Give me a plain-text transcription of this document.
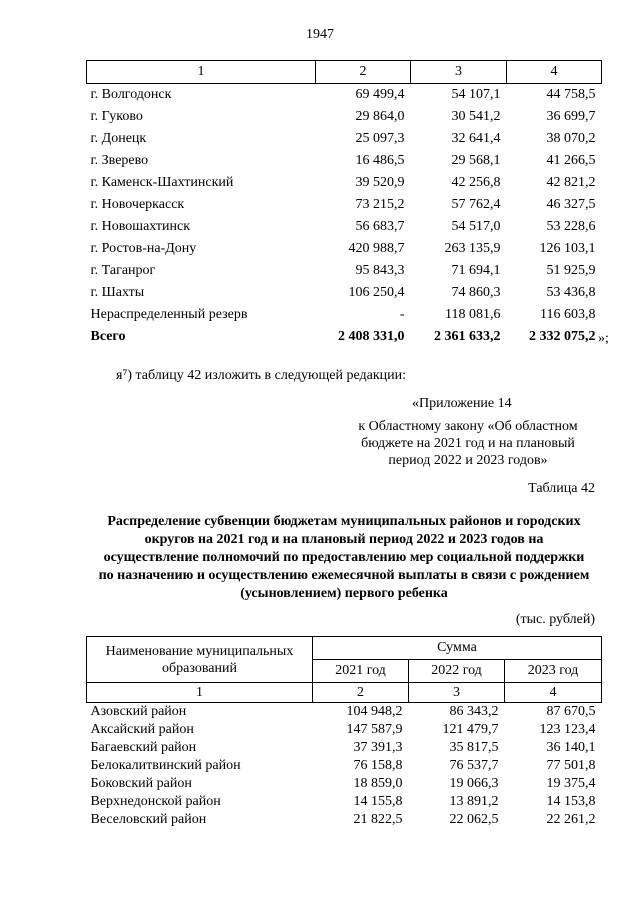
1947
1	2	3	4
г. Волгодонск	69 499,4	54 107,1	44 758,5
г. Гуково	29 864,0	30 541,2	36 699,7
г. Донецк	25 097,3	32 641,4	38 070,2
г. Зверево	16 486,5	29 568,1	41 266,5
г. Каменск-Шахтинский	39 520,9	42 256,8	42 821,2
г. Новочеркасск	73 215,2	57 762,4	46 327,5
г. Новошахтинск	56 683,7	54 517,0	53 228,6
г. Ростов-на-Дону	420 988,7	263 135,9	126 103,1
г. Таганрог	95 843,3	71 694,1	51 925,9
г. Шахты	106 250,4	74 860,3	53 436,8
Нераспределенный резерв	-	118 081,6	116 603,8
Всего	2 408 331,0	2 361 633,2	2 332 075,2 »;
я⁷) таблицу 42 изложить в следующей редакции:
«Приложение 14
к Областному закону «Об областном бюджете на 2021 год и на плановый период 2022 и 2023 годов»
Таблица 42
Распределение субвенции бюджетам муниципальных районов и городских округов на 2021 год и на плановый период 2022 и 2023 годов на осуществление полномочий по предоставлению мер социальной поддержки по назначению и осуществлению ежемесячной выплаты в связи с рождением (усыновлением) первого ребенка
(тыс. рублей)
Наименование муниципальных образований	Сумма		
	2021 год	2022 год	2023 год
1	2	3	4
Азовский район	104 948,2	86 343,2	87 670,5
Аксайский район	147 587,9	121 479,7	123 123,4
Багаевский район	37 391,3	35 817,5	36 140,1
Белокалитвинский район	76 158,8	76 537,7	77 501,8
Боковский район	18 859,0	19 066,3	19 375,4
Верхнедонской район	14 155,8	13 891,2	14 153,8
Веселовский район	21 822,5	22 062,5	22 261,2
